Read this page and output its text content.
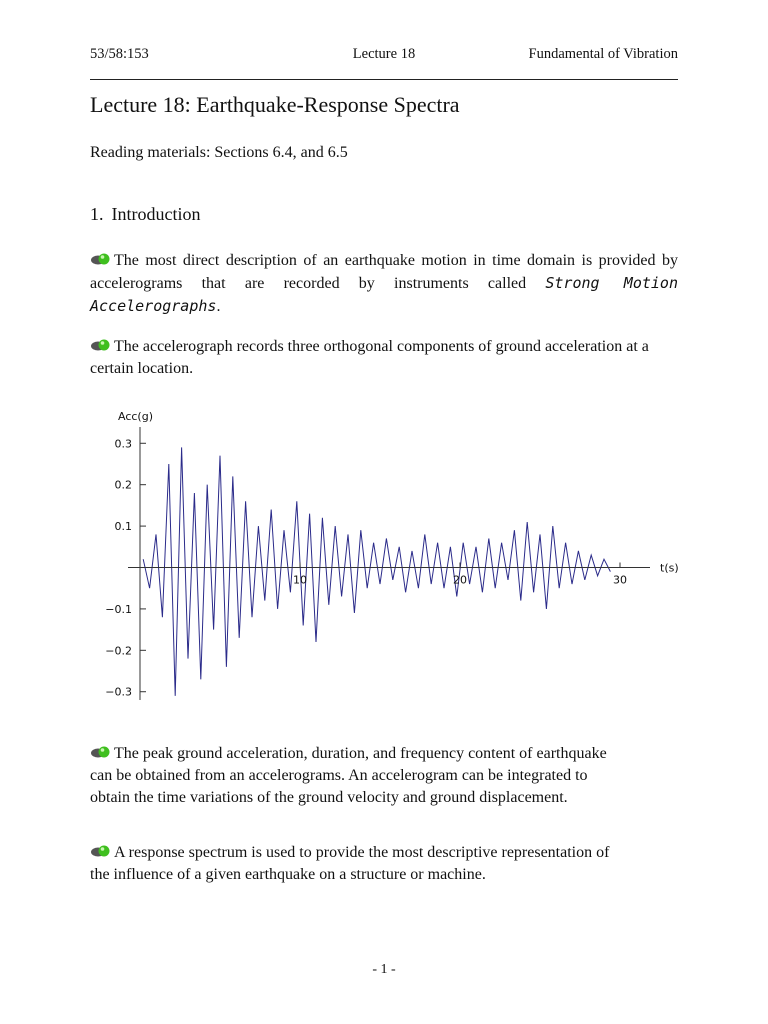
53/58:153	Lecture 18	Fundamental of Vibration
Lecture 18: Earthquake-Response Spectra
Reading materials: Sections 6.4, and 6.5
1. Introduction

The most direct description of an earthquake motion in time domain is provided by accelerograms that are recorded by instruments called Strong Motion Accelerographs.

The accelerograph records three orthogonal components of ground acceleration at a certain location.

Acc(g)
t(s)
0.3
0.2
0.1
−0.1
−0.2
−0.3
10	20	30

The peak ground acceleration, duration, and frequency content of earthquake
can be obtained from an accelerograms. An accelerogram can be integrated to
obtain the time variations of the ground velocity and ground displacement.

A response spectrum is used to provide the most descriptive representation of
the influence of a given earthquake on a structure or machine.

- 1 -
